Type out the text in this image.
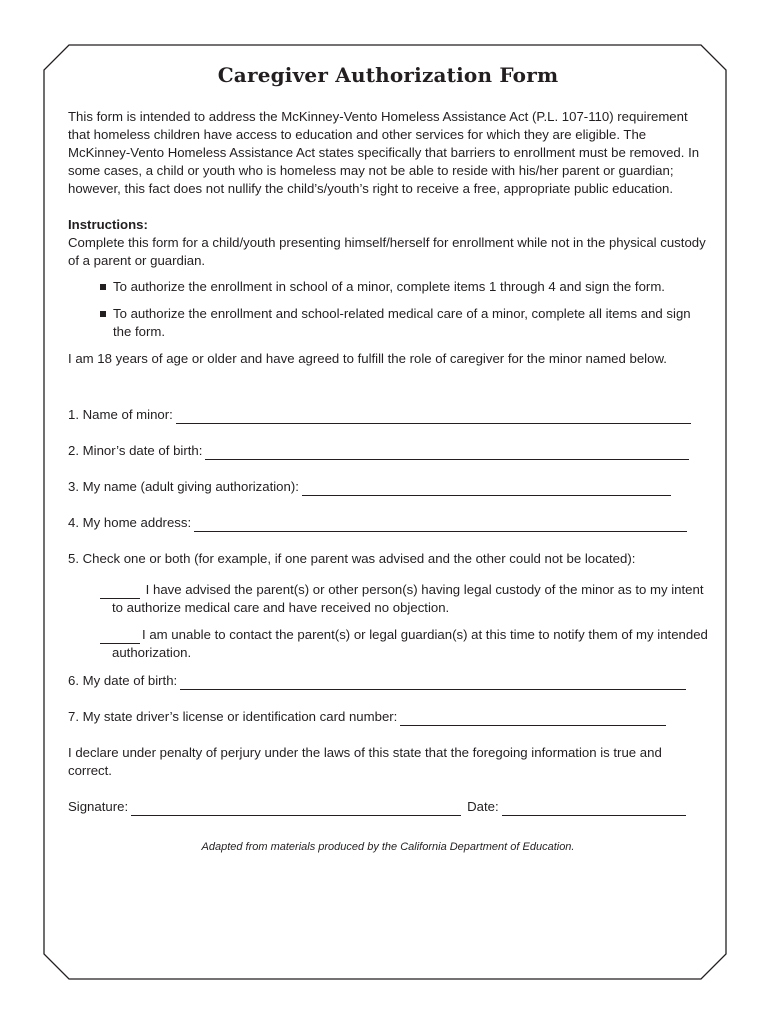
Caregiver Authorization Form

This form is intended to address the McKinney-Vento Homeless Assistance Act (P.L. 107-110) requirement that homeless children have access to education and other services for which they are eligible. The McKinney-Vento Homeless Assistance Act states specifically that barriers to enrollment must be removed. In some cases, a child or youth who is homeless may not be able to reside with his/her parent or guardian; however, this fact does not nullify the child’s/youth’s right to receive a free, appropriate public education.

Instructions:

Complete this form for a child/youth presenting himself/herself for enrollment while not in the physical custody of a parent or guardian.

To authorize the enrollment in school of a minor, complete items 1 through 4 and sign the form.
To authorize the enrollment and school-related medical care of a minor, complete all items and sign the form.

I am 18 years of age or older and have agreed to fulfill the role of caregiver for the minor named below.

1. Name of minor:
2. Minor’s date of birth:
3. My name (adult giving authorization):
4. My home address:

5. Check one or both (for example, if one parent was advised and the other could not be located):

I have advised the parent(s) or other person(s) having legal custody of the minor as to my intent to authorize medical care and have received no objection.
I am unable to contact the parent(s) or legal guardian(s) at this time to notify them of my intended authorization.
6. My date of birth:
7. My state driver’s license or identification card number:

I declare under penalty of perjury under the laws of this state that the foregoing information is true and correct.

Signature:	Date:

Adapted from materials produced by the California Department of Education.
